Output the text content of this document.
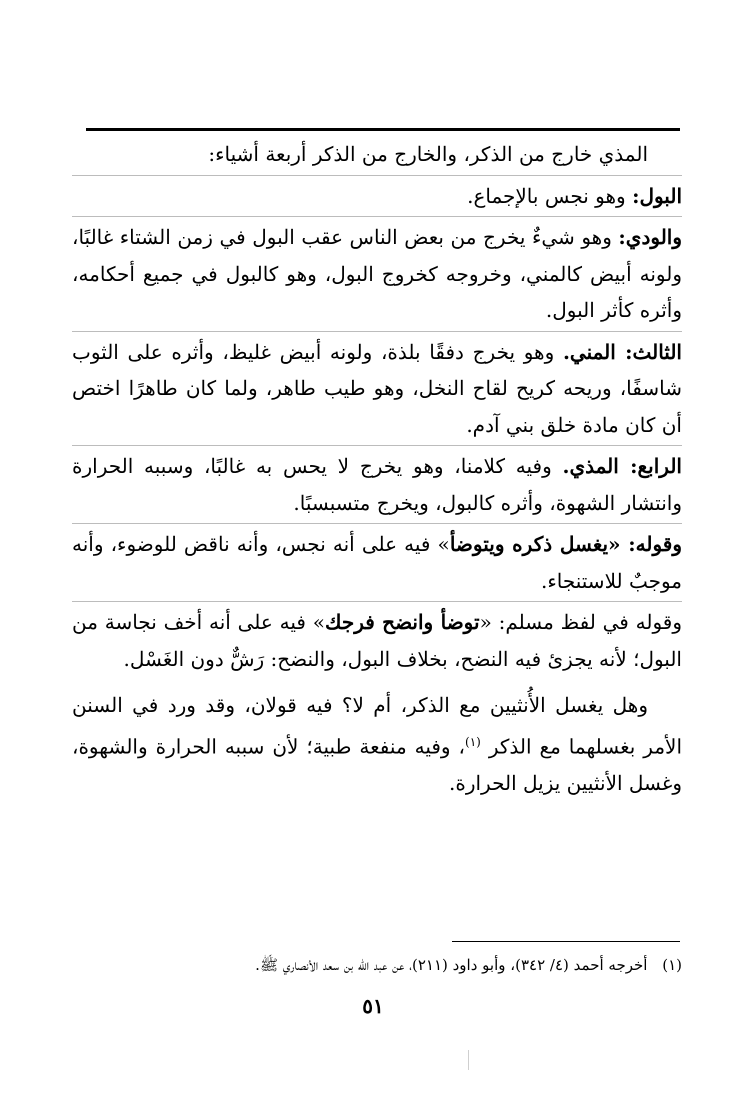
المذي خارج من الذكر، والخارج من الذكر أربعة أشياء:

البول: وهو نجس بالإجماع.

والودي: وهو شيءٌ يخرج من بعض الناس عقب البول في زمن الشتاء غالبًا، ولونه أبيض كالمني، وخروجه كخروج البول، وهو كالبول في جميع أحكامه، وأثره كأثر البول.

الثالث: المني. وهو يخرج دفقًا بلذة، ولونه أبيض غليظ، وأثره على الثوب شاسفًا، وريحه كريح لقاح النخل، وهو طيب طاهر، ولما كان طاهرًا اختص أن كان مادة خلق بني آدم.

الرابع: المذي. وفيه كلامنا، وهو يخرج لا يحس به غالبًا، وسببه الحرارة وانتشار الشهوة، وأثره كالبول، ويخرج متسبسبًا.

وقوله: «يغسل ذكره ويتوضأ» فيه على أنه نجس، وأنه ناقض للوضوء، وأنه موجبٌ للاستنجاء.

وقوله في لفظ مسلم: «توضأ وانضح فرجك» فيه على أنه أخف نجاسة من البول؛ لأنه يجزئ فيه النضح، بخلاف البول، والنضح: رَشٌّ دون الغَسْل.

وهل يغسل الأُنثيين مع الذكر، أم لا؟ فيه قولان، وقد ورد في السنن الأمر بغسلهما مع الذكر $^{(١)}$، وفيه منفعة طبية؛ لأن سببه الحرارة والشهوة، وغسل الأنثيين يزيل الحرارة.

(١) أخرجه أحمد (٤/ ٣٤٢)، وأبو داود (٢١١)، عن عبد الله بن سعد الأنصاري ﷺ.
٥١
